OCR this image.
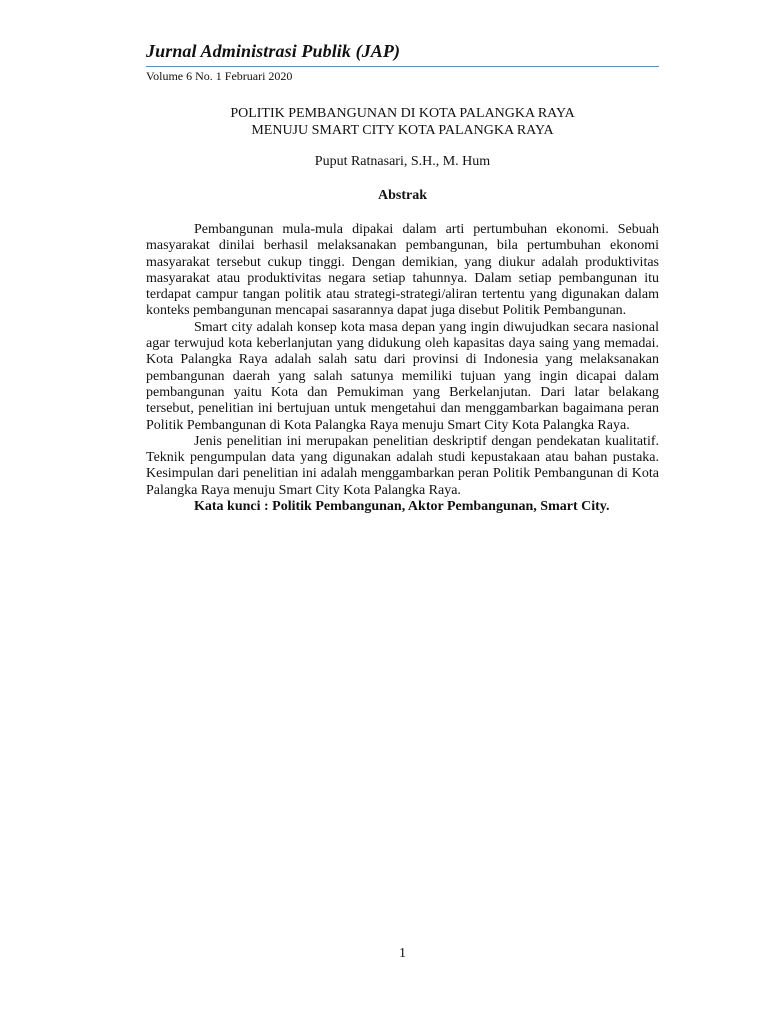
Jurnal Administrasi Publik (JAP)
Volume 6 No. 1 Februari 2020
POLITIK PEMBANGUNAN DI KOTA PALANGKA RAYA
MENUJU SMART CITY KOTA PALANGKA RAYA
Puput Ratnasari, S.H., M. Hum
Abstrak

Pembangunan mula-mula dipakai dalam arti pertumbuhan ekonomi. Sebuah masyarakat dinilai berhasil melaksanakan pembangunan, bila pertumbuhan ekonomi masyarakat tersebut cukup tinggi. Dengan demikian, yang diukur adalah produktivitas masyarakat atau produktivitas negara setiap tahunnya. Dalam setiap pembangunan itu terdapat campur tangan politik atau strategi-strategi/aliran tertentu yang digunakan dalam konteks pembangunan mencapai sasarannya dapat juga disebut Politik Pembangunan.

Smart city adalah konsep kota masa depan yang ingin diwujudkan secara nasional agar terwujud kota keberlanjutan yang didukung oleh kapasitas daya saing yang memadai. Kota Palangka Raya adalah salah satu dari provinsi di Indonesia yang melaksanakan pembangunan daerah yang salah satunya memiliki tujuan yang ingin dicapai dalam pembangunan yaitu Kota dan Pemukiman yang Berkelanjutan. Dari latar belakang tersebut, penelitian ini bertujuan untuk mengetahui dan menggambarkan bagaimana peran Politik Pembangunan di Kota Palangka Raya menuju Smart City Kota Palangka Raya.

Jenis penelitian ini merupakan penelitian deskriptif dengan pendekatan kualitatif. Teknik pengumpulan data yang digunakan adalah studi kepustakaan atau bahan pustaka. Kesimpulan dari penelitian ini adalah menggambarkan peran Politik Pembangunan di Kota Palangka Raya menuju Smart City Kota Palangka Raya.

Kata kunci : Politik Pembangunan, Aktor Pembangunan, Smart City.

1
